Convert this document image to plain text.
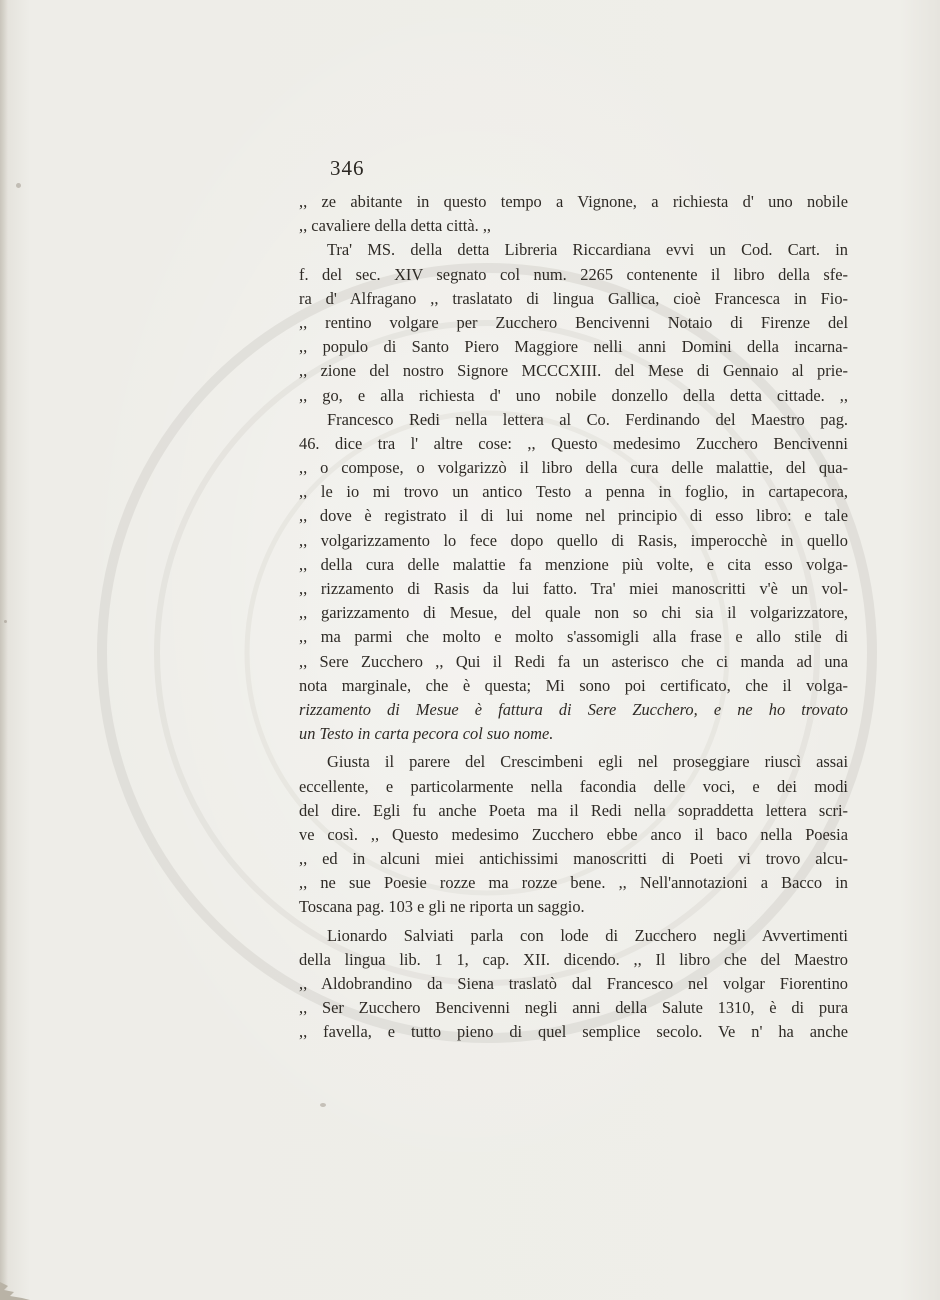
346
,, ze abitante in questo tempo a Vignone, a richiesta d' uno nobile
,, cavaliere della detta città. ,,
Tra' MS. della detta Libreria Riccardiana evvi un Cod. Cart. in
f. del sec. XIV segnato col num. 2265 contenente il libro della sfe-
ra d' Alfragano ,, traslatato di lingua Gallica, cioè Francesca in Fio-
,, rentino volgare per Zucchero Bencivenni Notaio di Firenze del
,, populo di Santo Piero Maggiore nelli anni Domini della incarna-
,, zione del nostro Signore MCCCXIII. del Mese di Gennaio al prie-
,, go, e alla richiesta d' uno nobile donzello della detta cittade. ,,
Francesco Redi nella lettera al Co. Ferdinando del Maestro pag.
46. dice tra l' altre cose: ,, Questo medesimo Zucchero Bencivenni
,, o compose, o volgarizzò il libro della cura delle malattie, del qua-
,, le io mi trovo un antico Testo a penna in foglio, in cartapecora,
,, dove è registrato il di lui nome nel principio di esso libro: e tale
,, volgarizzamento lo fece dopo quello di Rasis, imperocchè in quello
,, della cura delle malattie fa menzione più volte, e cita esso volga-
,, rizzamento di Rasis da lui fatto. Tra' miei manoscritti v'è un vol-
,, garizzamento di Mesue, del quale non so chi sia il volgarizzatore,
,, ma parmi che molto e molto s'assomigli alla frase e allo stile di
,, Sere Zucchero ,, Qui il Redi fa un asterisco che ci manda ad una
nota marginale, che è questa; Mi sono poi certificato, che il volga-
rizzamento di Mesue è fattura di Sere Zucchero, e ne ho trovato
un Testo in carta pecora col suo nome.
Giusta il parere del Crescimbeni egli nel proseggiare riuscì assai
eccellente, e particolarmente nella facondia delle voci, e dei modi
del dire. Egli fu anche Poeta ma il Redi nella sopraddetta lettera scri-
ve così. ,, Questo medesimo Zucchero ebbe anco il baco nella Poesia
,, ed in alcuni miei antichissimi manoscritti di Poeti vi trovo alcu-
,, ne sue Poesie rozze ma rozze bene. ,, Nell'annotazioni a Bacco in
Toscana pag. 103 e gli ne riporta un saggio.
Lionardo Salviati parla con lode di Zucchero negli Avvertimenti
della lingua lib. 1 1, cap. XII. dicendo. ,, Il libro che del Maestro
,, Aldobrandino da Siena traslatò dal Francesco nel volgar Fiorentino
,, Ser Zucchero Bencivenni negli anni della Salute 1310, è di pura
,, favella, e tutto pieno di quel semplice secolo. Ve n' ha anche
